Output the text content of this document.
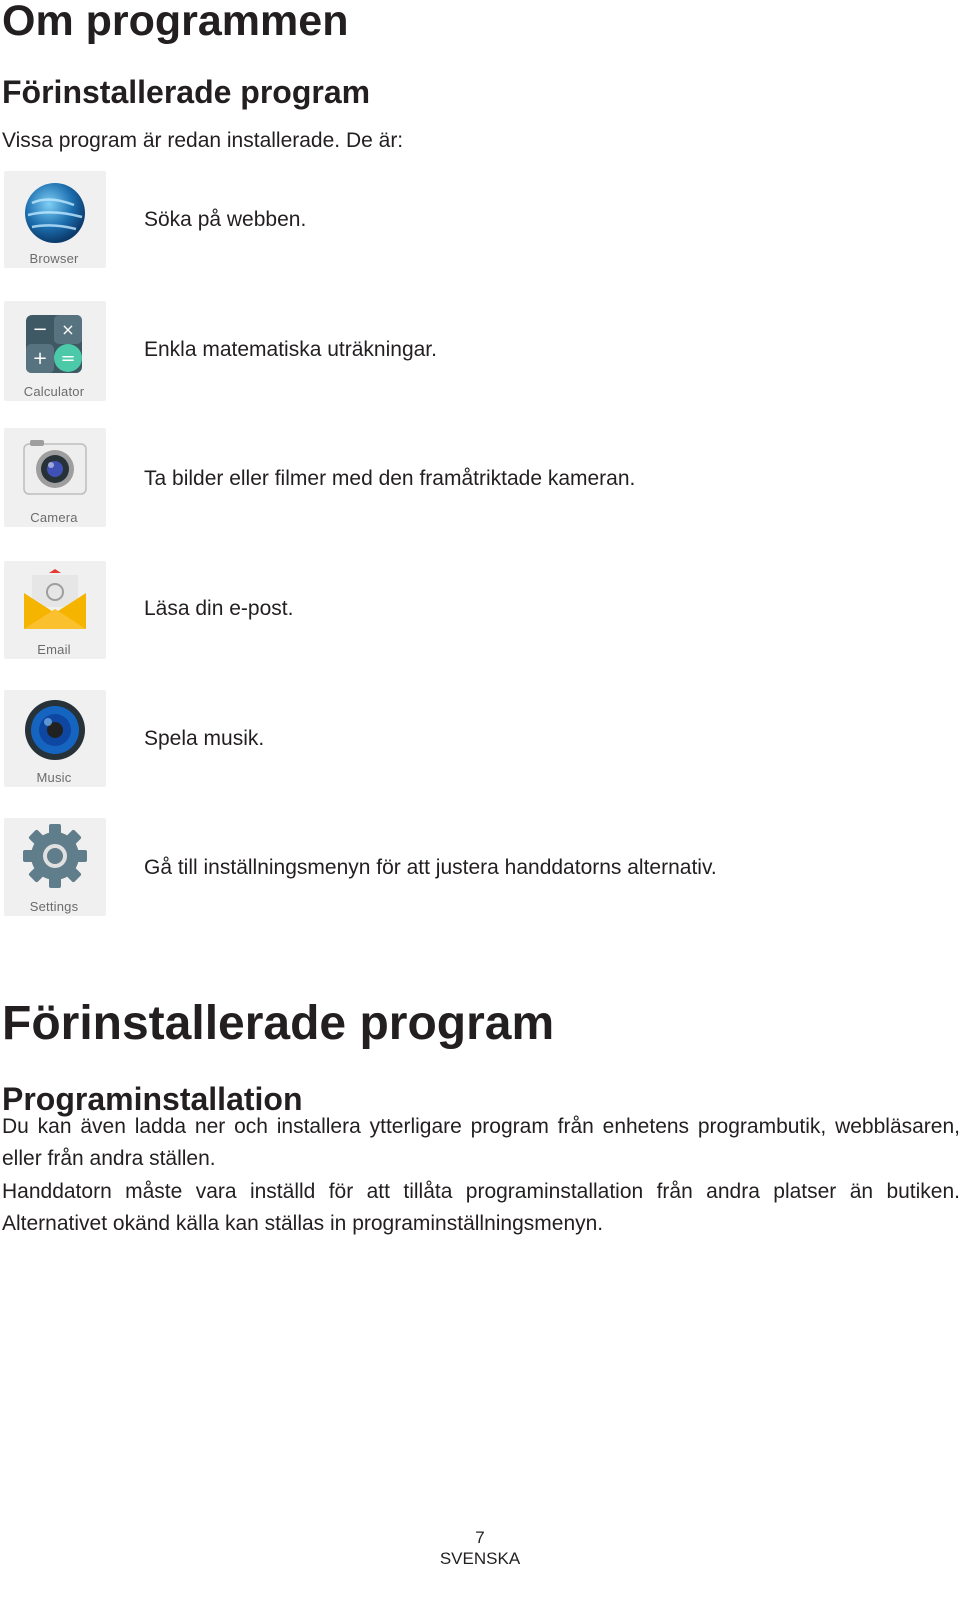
Om programmen
Förinstallerade program

Vissa program är redan installerade. De är:

Browser
Söka på webben.
− ×
+ =
Calculator
Enkla matematiska uträkningar.
Camera
Ta bilder eller filmer med den framåtriktade kameran.
Email
Läsa din e-post.
Music
Spela musik.
Settings
Gå till inställningsmenyn för att justera handdatorns alternativ.
Förinstallerade program
Programinstallation

Du kan även ladda ner och installera ytterligare program från enhetens programbutik, webbläsaren, eller från andra ställen.

Handdatorn måste vara inställd för att tillåta programinstallation från andra platser än butiken. Alternativet okänd källa kan ställas in programinställningsmenyn.

7
SVENSKA
